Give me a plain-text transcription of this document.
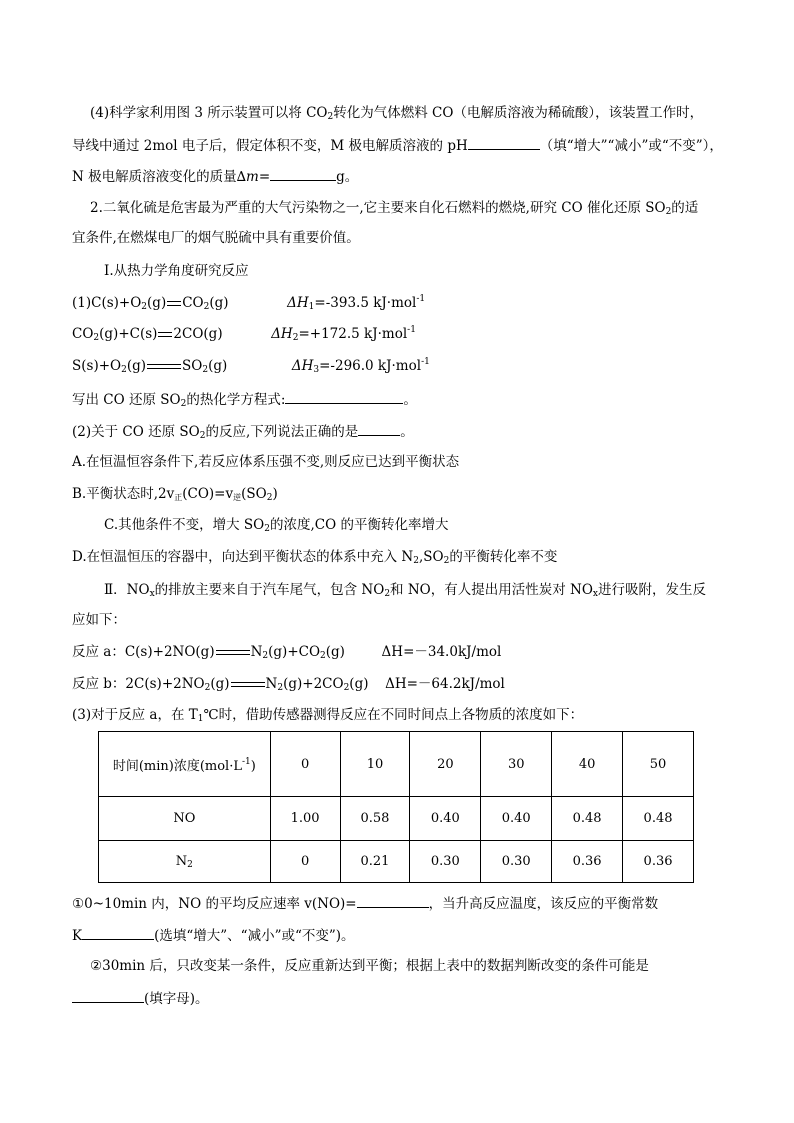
(4)科学家利用图 3 所示装置可以将 $CO_2$转化为气体燃料 CO（电解质溶液为稀硫酸），该装置工作时，
导线中通过 2mol 电子后，假定体积不变，M 极电解质溶液的 pH	（填“增大”“减小”或“不变”），
N 极电解质溶液变化的质量∆m=	g。
2.二氧化硫是危害最为严重的大气污染物之一,它主要来自化石燃料的燃烧,研究 CO 催化还原 $SO_2$的适
宜条件,在燃煤电厂的烟气脱硫中具有重要价值。
Ⅰ.从热力学角度研究反应
$(1)C(s)+O_2(g)$ $CO_2(g)$	$\Delta H_1=-393.5$ kJ·mol$^{-1}$
$CO_2(g)+C(s)$ 2CO(g)	$\Delta H_2=+172.5$ kJ·mol$^{-1}$
$S(s)+O_2(g)$	$SO_2(g)$	$\Delta H_3=-296.0$ kJ·mol$^{-1}$
写出 CO 还原 $SO_2$的热化学方程式:	。
(2)关于 CO 还原 $SO_2$的反应,下列说法正确的是	。
A.在恒温恒容条件下,若反应体系压强不变,则反应已达到平衡状态
B.平衡状态时$,2v_正(CO)=v_逆(SO_2)$
C.其他条件不变，增大 $SO_2$的浓度,CO 的平衡转化率增大
D.在恒温恒压的容器中，向达到平衡状态的体系中充入 $N_2,SO_2$的平衡转化率不变
Ⅱ．$NO_x$的排放主要来自于汽车尾气，包含 $NO_2$和 NO，有人提出用活性炭对 $NO_x$进行吸附，发生反
应如下：
反应 a：C(s)+2NO(g)	$N_2(g)+CO_2(g)$	ΔH=－34.0kJ/mol
反应 b：$2C(s)+2NO_2(g)$	$N_2(g)+2CO_2(g)$ ΔH=－64.2kJ/mol
(3)对于反应 a，在 $T_1℃$时，借助传感器测得反应在不同时间点上各物质的浓度如下：
时间(min)浓度$(mol\cdot L^{-1})$	0	10	20	30	40	50
NO	1.00	0.58	0.40	0.40	0.48	0.48
$N_2$	0	0.21	0.30	0.30	0.36	0.36
①0~10min 内，NO 的平均反应速率 v(NO)=	，当升高反应温度，该反应的平衡常数
K	(选填“增大”、“减小”或“不变”)。
②30min 后，只改变某一条件，反应重新达到平衡；根据上表中的数据判断改变的条件可能是
(填字母)。
